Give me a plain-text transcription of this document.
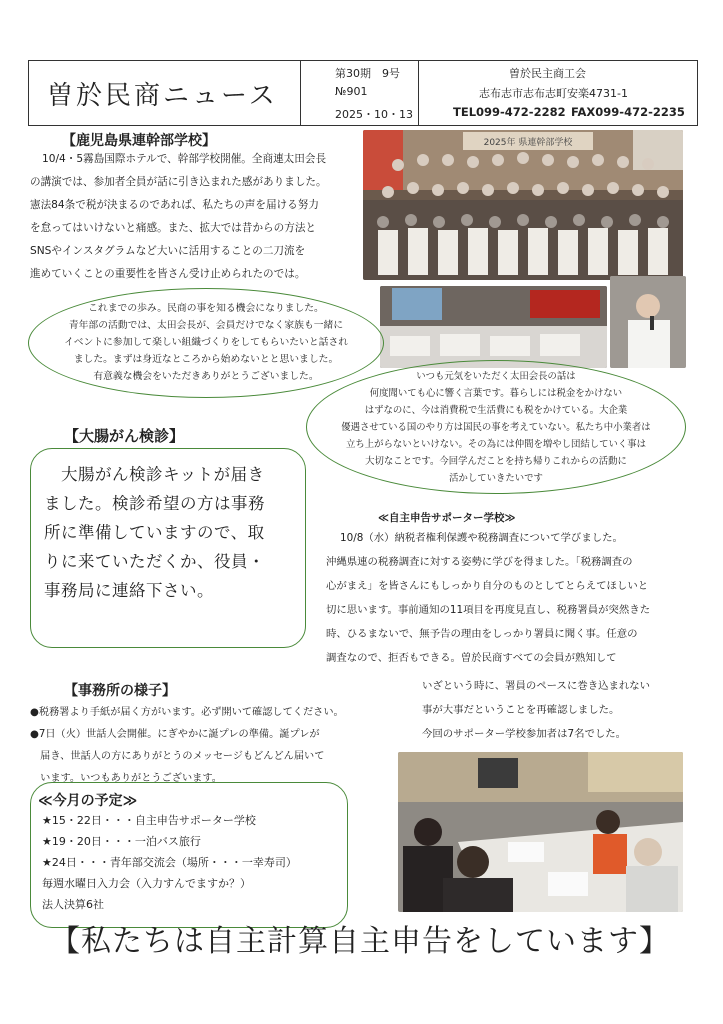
曽於民商ニュース
第30期　9号
№901
2025・10・13
曽於民主商工会
志布志市志布志町安楽4731-1
TEL099-472-2282 FAX099-472-2235
【鹿児島県連幹部学校】
10/4・5霧島国際ホテルで、幹部学校開催。全商連太田会長
の講演では、参加者全員が話に引き込まれた感がありました。
憲法84条で税が決まるのであれば、私たちの声を届ける努力
を怠ってはいけないと痛感。また、拡大では昔からの方法と
SNSやインスタグラムなど大いに活用することの二刀流を
進めていくことの重要性を皆さん受け止められたのでは。
2025年 県連幹部学校
これまでの歩み。民商の事を知る機会になりました。
青年部の活動では、太田会長が、会員だけでなく家族も一緒に
イベントに参加して楽しい組織づくりをしてもらいたいと話され
ました。まずは身近なところから始めないとと思いました。
有意義な機会をいただきありがとうございました。	いつも元気をいただく太田会長の話は
何度聞いても心に響く言葉です。暮らしには税金をかけない
はずなのに、今は消費税で生活費にも税をかけている。大企業
優遇させている国のやり方は国民の事を考えていない。私たち中小業者は
立ち上がらないといけない。その為には仲間を増やし団結していく事は
大切なことです。今回学んだことを持ち帰りこれからの活動に
活かしていきたいです
【大腸がん検診】
　大腸がん検診キットが届き
ました。検診希望の方は事務
所に準備していますので、取
りに来ていただくか、役員・
事務局に連絡下さい。
≪自主申告サポーター学校≫
10/8（水）納税者権利保護や税務調査について学びました。
沖縄県連の税務調査に対する姿勢に学びを得ました。「税務調査の
心がまえ」を皆さんにもしっかり自分のものとしてとらえてほしいと
切に思います。事前通知の11項目を再度見直し、税務署員が突然きた
時、ひるまないで、無予告の理由をしっかり署員に聞く事。任意の
調査なので、拒否もできる。曽於民商すべての会員が熟知して
いざという時に、署員のペースに巻き込まれない
事が大事だということを再確認しました。
今回のサポーター学校参加者は7名でした。
【事務所の様子】
●税務署より手紙が届く方がいます。必ず開いて確認してください。
●7日（火）世話人会開催。にぎやかに誕プレの準備。誕プレが
　届き、世話人の方にありがとうのメッセージもどんどん届いて
　います。いつもありがとうございます。
≪今月の予定≫
★15・22日・・・自主申告サポーター学校
★19・20日・・・一泊バス旅行
★24日・・・青年部交流会（場所・・・一幸寿司）
毎週水曜日入力会（入力すんでますか？）
法人決算6社
【私たちは自主計算自主申告をしています】
